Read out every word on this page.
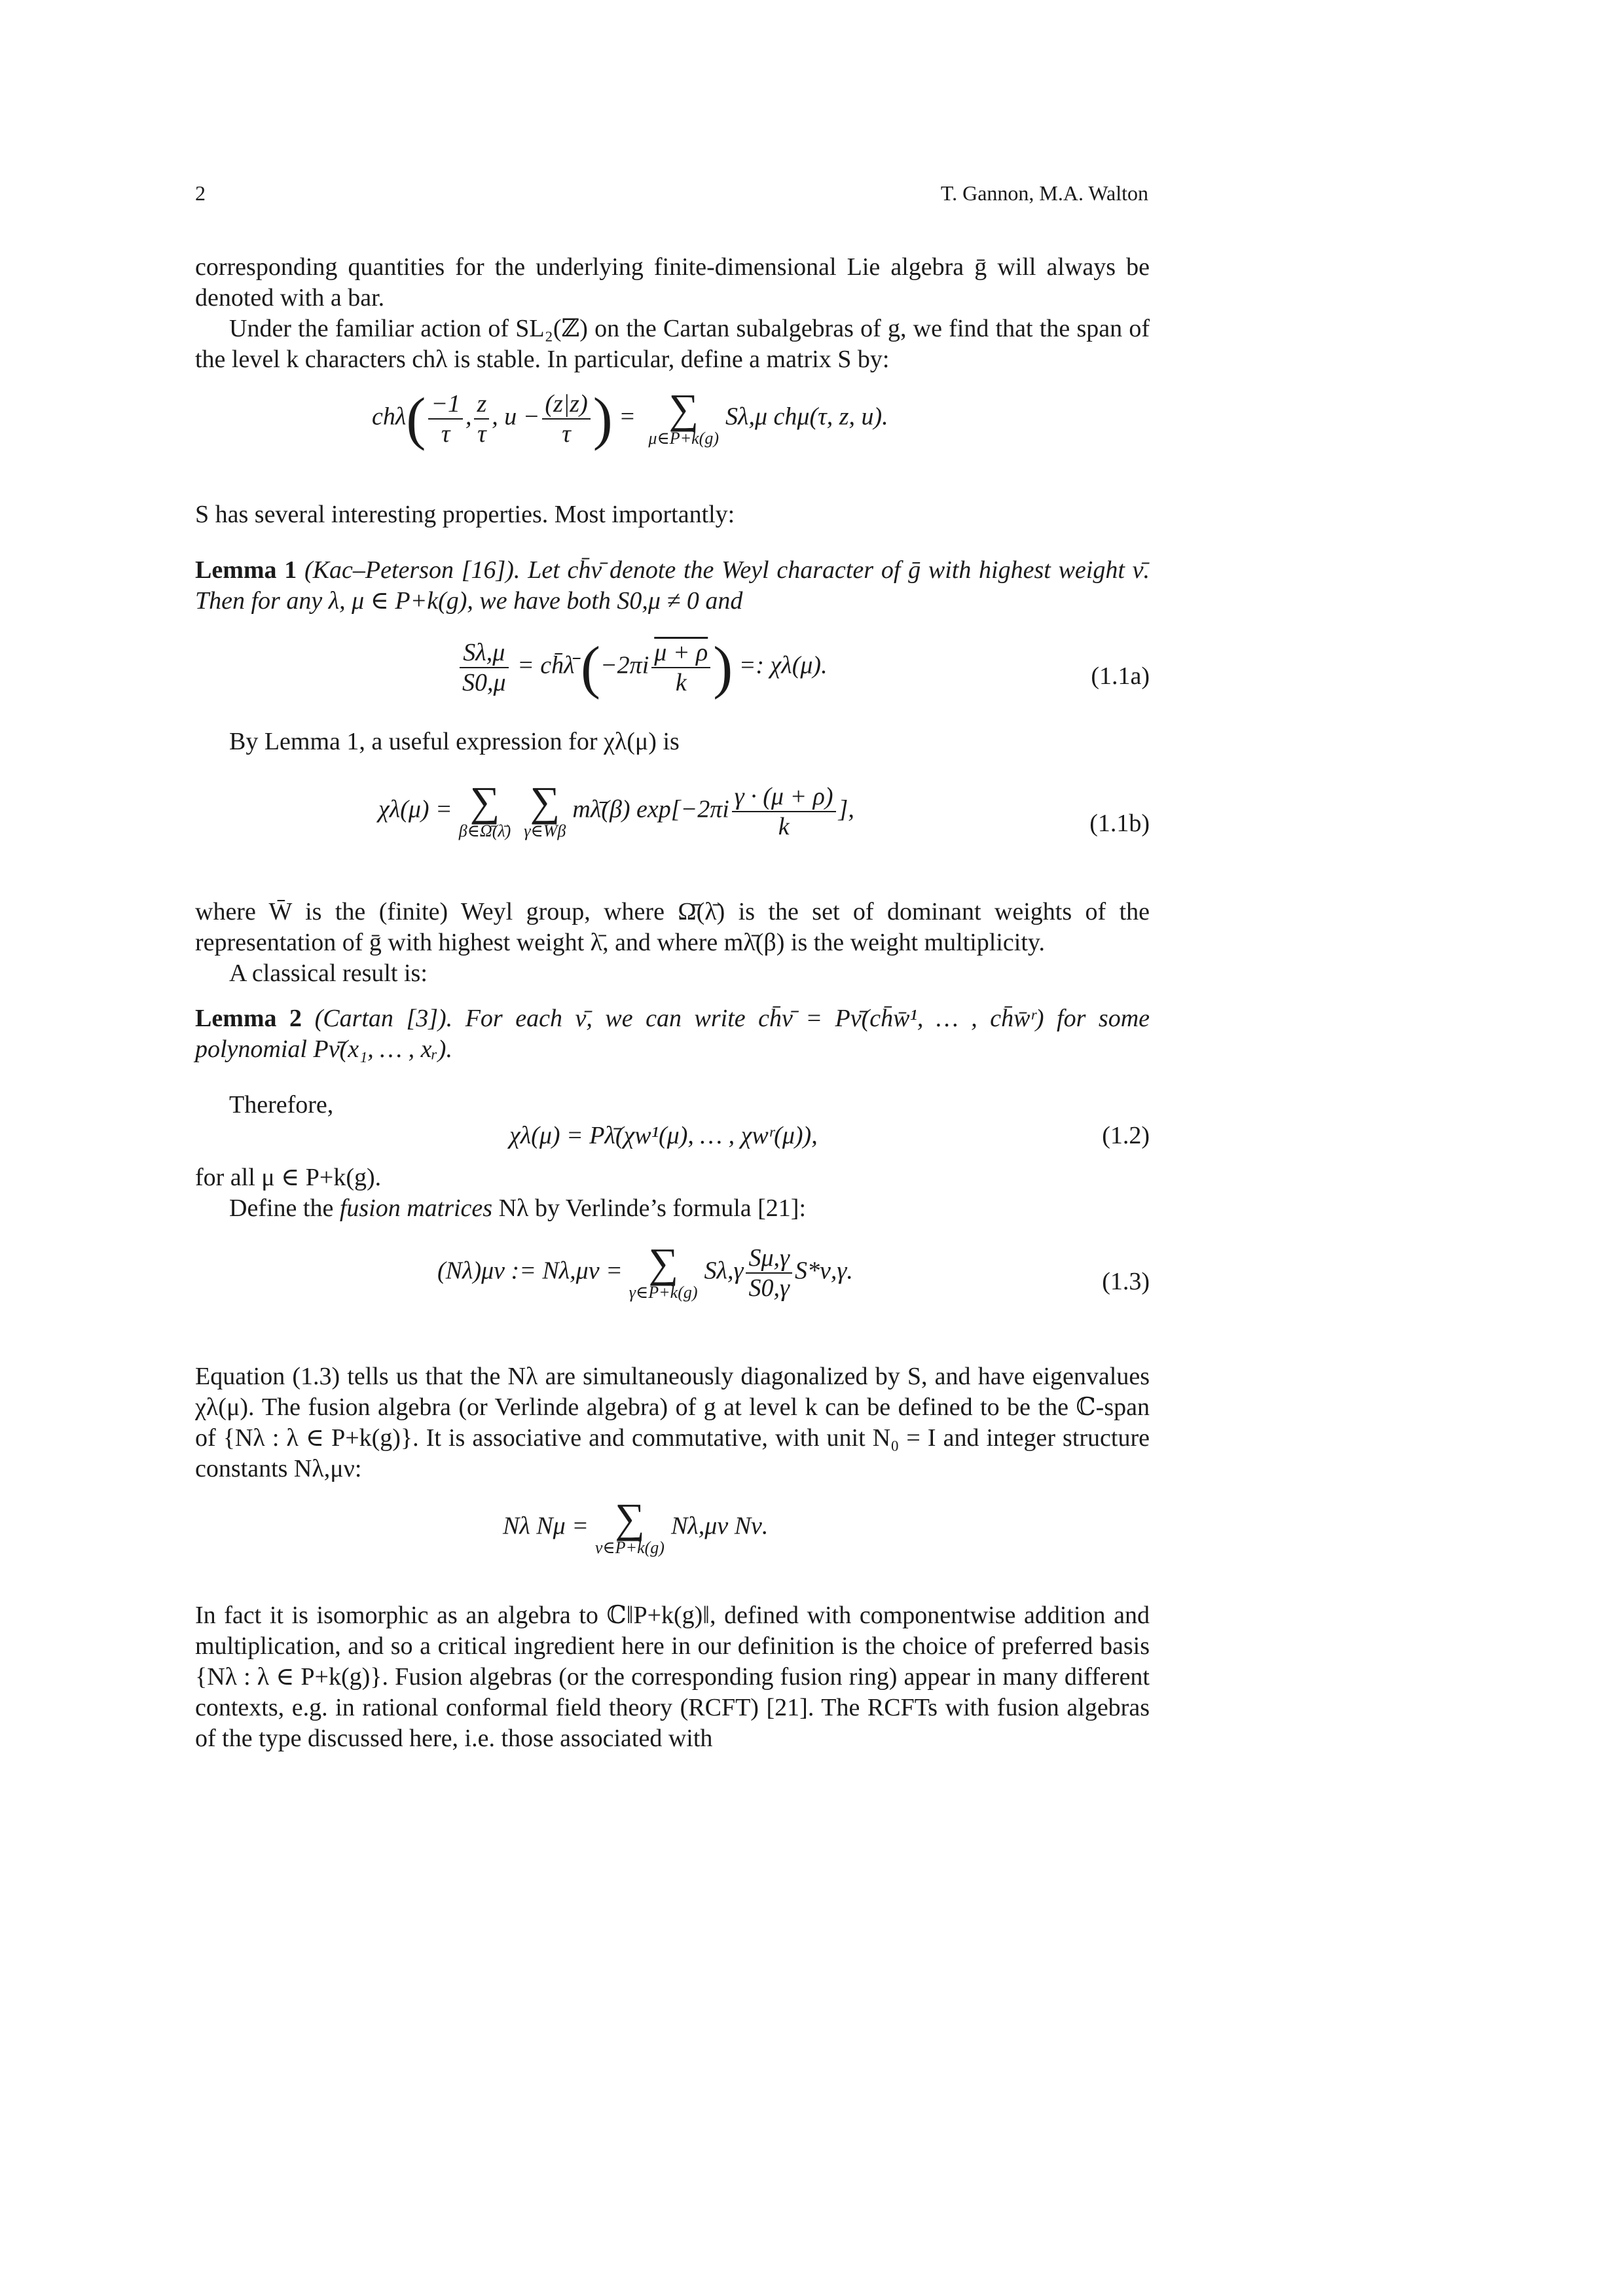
2	T. Gannon, M.A. Walton

corresponding quantities for the underlying finite-dimensional Lie algebra ḡ will always be denoted with a bar.

Under the familiar action of SL₂(ℤ) on the Cartan subalgebras of g, we find that the span of the level k characters chλ is stable. In particular, define a matrix S by:

$ch\lambda( \frac{-1}{\tau}$ , $\frac{z}{\tau}$ , $u - \frac{(z|z)}{\tau}$ ) = ∑
μ∈P+k(g)
Sλ,μ chμ(τ, z, u).

S has several interesting properties. Most importantly:

Lemma 1 (Kac–Peterson [16]). Let ch̄ν̄ denote the Weyl character of ḡ with highest weight ν̄. Then for any λ, μ ∈ P+k(g), we have both S0,μ ≠ 0 and

$\frac{S\lambda,\mu}{S0,\mu}$ = ch̄λ̄ ($-2\pi i \frac{\mu + \rho}{k}$ ) =: χλ(μ).	(1.1a)

By Lemma 1, a useful expression for χλ(μ) is

χλ(μ) = ∑
β∈Ω̄(λ̄)
∑
γ∈W̄β
mλ̄(β) $\exp[-2\pi i \frac{\gamma \cdot (\mu + \rho)}{k}$ ],
(1.1b)

where W̄ is the (finite) Weyl group, where Ω̄(λ̄) is the set of dominant weights of the representation of ḡ with highest weight λ̄, and where mλ̄(β) is the weight multiplicity.

A classical result is:

Lemma 2 (Cartan [3]). For each ν̄, we can write ch̄ν̄ = Pν̄(ch̄w̄¹, … , ch̄w̄ʳ) for some polynomial Pν̄(x₁, … , xᵣ).

Therefore,

χλ(μ) = Pλ̄(χw¹(μ), … , χwʳ(μ)),	(1.2)

for all μ ∈ P+k(g).

Define the fusion matrices Nλ by Verlinde’s formula [21]:

(Nλ)μν := Nλ,μν = ∑
γ∈P+k(g)
$S\lambda,\gamma \frac{S\mu,\gamma}{S0,\gamma} S*\nu,\gamma$.	(1.3)

Equation (1.3) tells us that the Nλ are simultaneously diagonalized by S, and have eigenvalues χλ(μ). The fusion algebra (or Verlinde algebra) of g at level k can be defined to be the ℂ-span of {Nλ : λ ∈ P+k(g)}. It is associative and commutative, with unit N₀ = I and integer structure constants Nλ,μν:

Nλ Nμ = ∑
ν∈P+k(g)
Nλ,μν Nν.

In fact it is isomorphic as an algebra to ℂ‖P+k(g)‖, defined with componentwise addition and multiplication, and so a critical ingredient here in our definition is the choice of preferred basis {Nλ : λ ∈ P+k(g)}. Fusion algebras (or the corresponding fusion ring) appear in many different contexts, e.g. in rational conformal field theory (RCFT) [21]. The RCFTs with fusion algebras of the type discussed here, i.e. those associated with
